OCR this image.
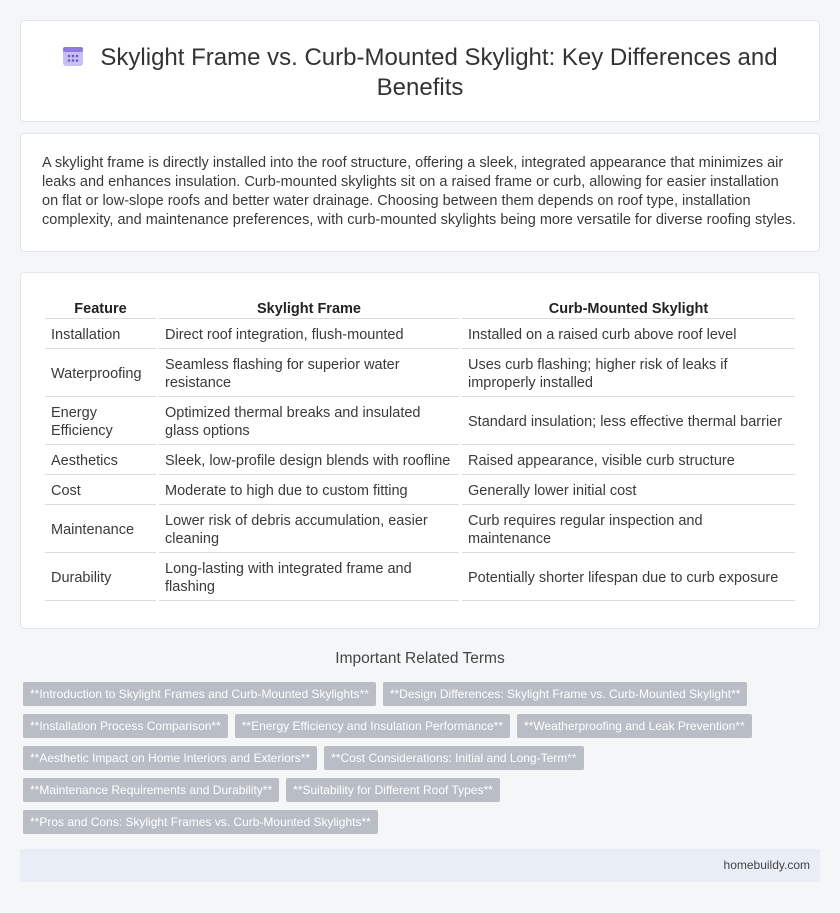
Skylight Frame vs. Curb-Mounted Skylight: Key Differences and Benefits

A skylight frame is directly installed into the roof structure, offering a sleek, integrated appearance that minimizes air leaks and enhances insulation. Curb-mounted skylights sit on a raised frame or curb, allowing for easier installation on flat or low-slope roofs and better water drainage. Choosing between them depends on roof type, installation complexity, and maintenance preferences, with curb-mounted skylights being more versatile for diverse roofing styles.

Feature	Skylight Frame	Curb-Mounted Skylight
Installation	Direct roof integration, flush-mounted	Installed on a raised curb above roof level
Waterproofing	Seamless flashing for superior water resistance	Uses curb flashing; higher risk of leaks if improperly installed
Energy Efficiency	Optimized thermal breaks and insulated glass options	Standard insulation; less effective thermal barrier
Aesthetics	Sleek, low-profile design blends with roofline	Raised appearance, visible curb structure
Cost	Moderate to high due to custom fitting	Generally lower initial cost
Maintenance	Lower risk of debris accumulation, easier cleaning	Curb requires regular inspection and maintenance
Durability	Long-lasting with integrated frame and flashing	Potentially shorter lifespan due to curb exposure
Important Related Terms
**Introduction to Skylight Frames and Curb-Mounted Skylights**	**Design Differences: Skylight Frame vs. Curb-Mounted Skylight**
**Installation Process Comparison**	**Energy Efficiency and Insulation Performance**	**Weatherproofing and Leak Prevention**
**Aesthetic Impact on Home Interiors and Exteriors**	**Cost Considerations: Initial and Long-Term**
**Maintenance Requirements and Durability**	**Suitability for Different Roof Types**
**Pros and Cons: Skylight Frames vs. Curb-Mounted Skylights**
homebuildy.com
